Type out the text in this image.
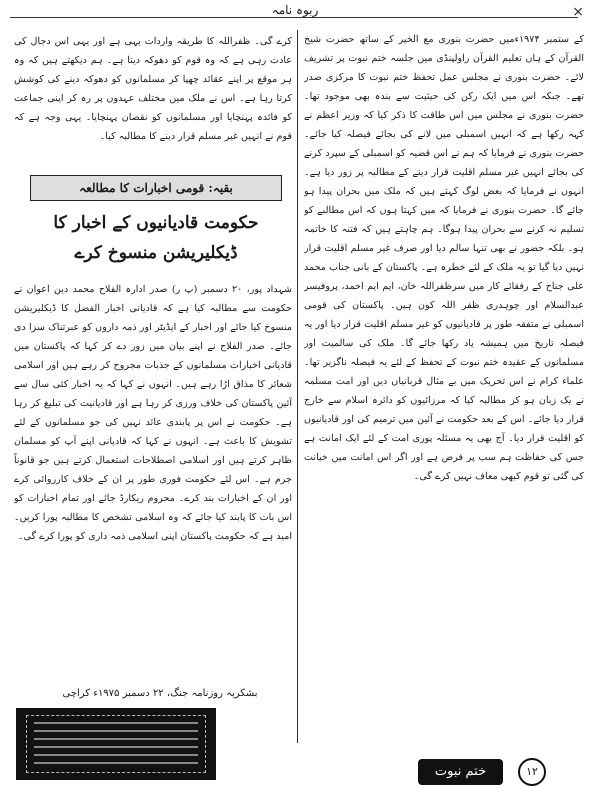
ربوہ نامہ	×

کے ستمبر ۱۹۷۴ءمیں حضرت بنوری مع الخیر کے ساتھ حضرت شیخ القرآن کے ہاں تعلیم القرآن راولپنڈی میں جلسہ ختم نبوت پر تشریف لائے۔ حضرت بنوری نے مجلس عمل تحفظ ختم نبوت کا مرکزی صدر تھے۔ جبکہ اس میں ایک رکن کی حیثیت سے بندہ بھی موجود تھا۔ حضرت بنوری نے مجلس میں اس طاقت کا ذکر کیا کہ وزیر اعظم نے کہہ رکھا ہے کہ انہیں اسمبلی میں لانے کی بجائے فیصلہ کیا جائے۔ حضرت بنوری نے فرمایا کہ ہم نے اس قضیہ کو اسمبلی کے سپرد کرنے کی بجائے انہیں غیر مسلم اقلیت قرار دینے کے مطالبہ پر زور دیا ہے۔ انہوں نے فرمایا کہ بعض لوگ کہتے ہیں کہ ملک میں بحران پیدا ہو جائے گا۔ حضرت بنوری نے فرمایا کہ میں کہتا ہوں کہ اس مطالبے کو تسلیم نہ کرنے سے بحران پیدا ہوگا۔ ہم چاہتے ہیں کہ فتنہ کا خاتمہ ہو۔ بلکہ حضور نے بھی تنہا سالم دیا اور صرف غیر مسلم اقلیت قرار نہیں دیا گیا تو یہ ملک کے لئے خطرہ ہے۔ پاکستان کے بانی جناب محمد علی جناح کے رفقائے کار میں سرظفراللہ خان، ایم ایم احمد، پروفیسر عبدالسلام اور چوہدری ظفر اللہ کون ہیں۔ پاکستان کی قومی اسمبلی نے متفقہ طور پر قادیانیوں کو غیر مسلم اقلیت قرار دیا اور یہ فیصلہ تاریخ میں ہمیشہ یاد رکھا جائے گا۔ ملک کی سالمیت اور مسلمانوں کے عقیدہ ختم نبوت کے تحفظ کے لئے یہ فیصلہ ناگزیر تھا۔ علماء کرام نے اس تحریک میں بے مثال قربانیاں دیں اور امت مسلمہ نے یک زبان ہو کر مطالبہ کیا کہ مرزائیوں کو دائرہ اسلام سے خارج قرار دیا جائے۔ اس کے بعد حکومت نے آئین میں ترمیم کی اور قادیانیوں کو اقلیت قرار دیا۔ آج بھی یہ مسئلہ پوری امت کے لئے ایک امانت ہے جس کی حفاظت ہم سب پر فرض ہے اور اگر اس امانت میں خیانت کی گئی تو قوم کبھی معاف نہیں کرے گی۔

کرے گی۔ ظفراللہ کا طریقہ واردات یہی ہے اور یہی اس دجال کی عادت رہی ہے کہ وہ قوم کو دھوکہ دیتا ہے۔ ہم دیکھتے ہیں کہ وہ ہر موقع پر اپنے عقائد چھپا کر مسلمانوں کو دھوکہ دینے کی کوشش کرتا رہا ہے۔ اس نے ملک میں مختلف عہدوں پر رہ کر اپنی جماعت کو فائدہ پہنچایا اور مسلمانوں کو نقصان پہنچایا۔ یہی وجہ ہے کہ قوم نے انہیں غیر مسلم قرار دینے کا مطالبہ کیا۔

بقیہ: قومی اخبارات کا مطالعہ
حکومت قادیانیوں کے اخبار کا
ڈیکلیریشن منسوخ کرے

شہداد پور، ۲۰ دسمبر (پ ر) صدر ادارہ الفلاح محمد دین اعوان نے حکومت سے مطالبہ کیا ہے کہ قادیانی اخبار الفضل کا ڈیکلیریشن منسوخ کیا جائے اور اخبار کے ایڈیٹر اور ذمہ داروں کو عبرتناک سزا دی جائے۔ صدر الفلاح نے اپنے بیان میں زور دے کر کہا کہ پاکستان میں قادیانی اخبارات مسلمانوں کے جذبات مجروح کر رہے ہیں اور اسلامی شعائر کا مذاق اڑا رہے ہیں۔ انہوں نے کہا کہ یہ اخبار کئی سال سے آئین پاکستان کی خلاف ورزی کر رہا ہے اور قادیانیت کی تبلیغ کر رہا ہے۔ حکومت نے اس پر پابندی عائد نہیں کی جو مسلمانوں کے لئے تشویش کا باعث ہے۔ انہوں نے کہا کہ قادیانی اپنے آپ کو مسلمان ظاہر کرتے ہیں اور اسلامی اصطلاحات استعمال کرتے ہیں جو قانوناً جرم ہے۔ اس لئے حکومت فوری طور پر ان کے خلاف کارروائی کرے اور ان کے اخبارات بند کرے۔ محروم ریکارڈ جائے اور تمام اخبارات کو اس بات کا پابند کیا جائے کہ وہ اسلامی تشخص کا مطالبہ پورا کریں۔ امید ہے کہ حکومت پاکستان اپنی اسلامی ذمہ داری کو پورا کرے گی۔

بشکریہ روزنامہ جنگ، ۲۲ دسمبر ۱۹۷۵ء کراچی
ختم نبوت	۱۲
